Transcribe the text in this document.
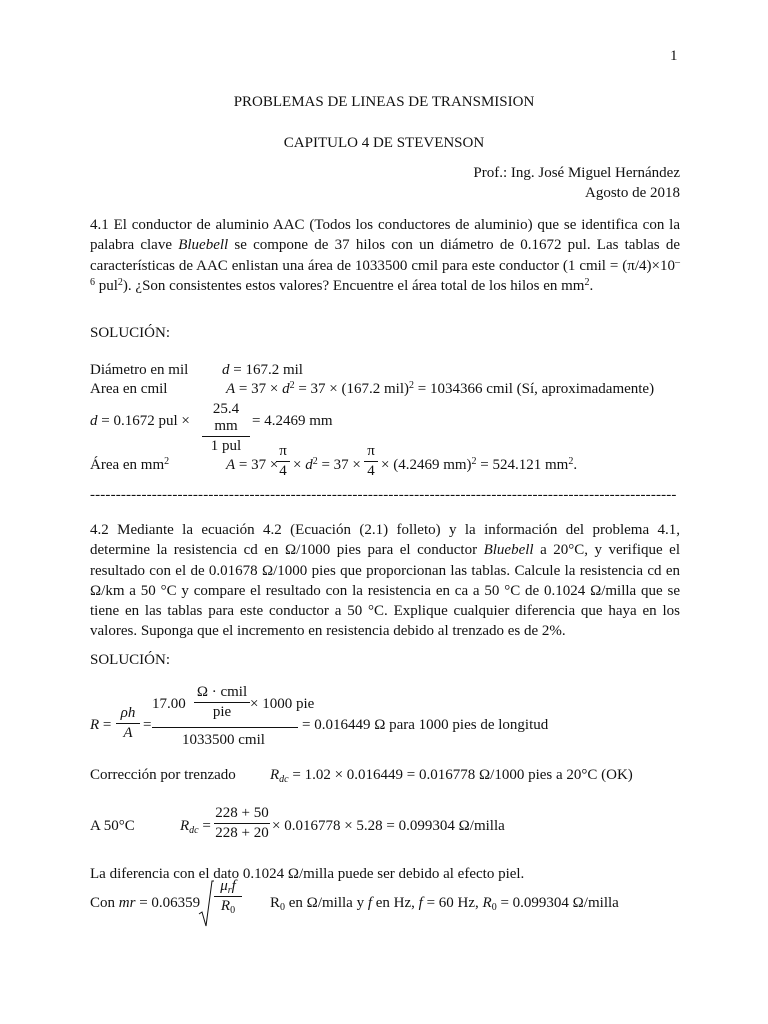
1
PROBLEMAS DE LINEAS DE TRANSMISION
CAPITULO 4 DE STEVENSON
Prof.: Ing. José Miguel Hernández
Agosto de 2018
4.1 El conductor de aluminio AAC (Todos los conductores de aluminio) que se identifica con la palabra clave Bluebell se compone de 37 hilos con un diámetro de 0.1672 pul. Las tablas de características de AAC enlistan una área de 1033500 cmil para este conductor (1 cmil = $(\pi/4)\times 10^{-6}$ pul$^2$). ¿Son consistentes estos valores? Encuentre el área total de los hilos en $mm^2$.
SOLUCIÓN:
Diámetro en mil d = 167.2 mil
Area en cmil	$A = 37 \times d^2 = 37 \times (167.2$ mil)$^2$ = 1034366 cmil (Sí, aproximadamente)
d = 0.1672 pul ×
25.4 mm
1 pul
= 4.2469 mm
Área en $mm^2$	A = 37 ×
π
$4 \times d^2 = 37$ ×
π
4 × (4.2469 mm)$^2$ = 524.121 $mm^2$.
------------------------------------------------------------------------------------------------------------------
4.2 Mediante la ecuación 4.2 (Ecuación (2.1) folleto) y la información del problema 4.1, determine la resistencia cd en Ω/1000 pies para el conductor Bluebell a 20°C, y verifique el resultado con el de 0.01678 Ω/1000 pies que proporcionan las tablas. Calcule la resistencia cd en Ω/km a 50 °C y compare el resultado con la resistencia en ca a 50 °C de 0.1024 Ω/milla que se tiene en las tablas para este conductor a 50 °C. Explique cualquier diferencia que haya en los valores. Suponga que el incremento en resistencia debido al trenzado es de 2%.
SOLUCIÓN:
R =
ρh
A =
17.00
Ω · cmil
pie	× 1000 pie
1033500 cmil
= 0.016449 Ω para 1000 pies de longitud
Corrección por trenzado $R_{dc} = 1.02 \times 0.016449 = 0.016778$ Ω/1000 pies a 20°C (OK)
A 50°C	$R_{dc}$ =
228 + 50
228 + 20 × 0.016778 × 5.28 = 0.099304 Ω/milla
La diferencia con el dato 0.1024 Ω/milla puede ser debido al efecto piel.
Con mr = 0.06359
$\mu_rf$
$R_0$	$R_0$ en Ω/milla y f en Hz, f = 60 Hz, $R_0 = 0.099304$ Ω/milla
